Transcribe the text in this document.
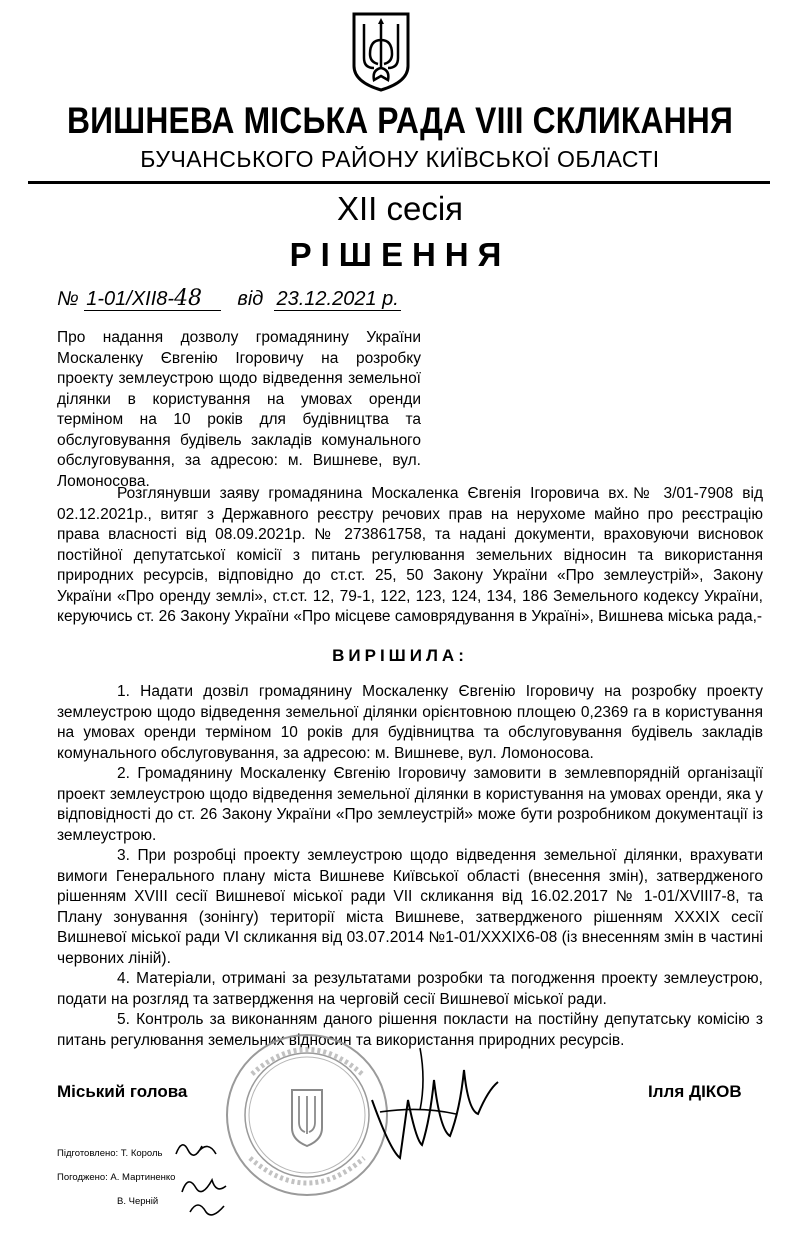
ВИШНЕВА МІСЬКА РАДА VIII СКЛИКАННЯ
БУЧАНСЬКОГО РАЙОНУ КИЇВСЬКОЇ ОБЛАСТІ
ХІІ сесія
РІШЕННЯ
№ 1-01/ХІІ8-48 від 23.12.2021 р.
Про надання дозволу громадянину України Москаленку Євгенію Ігоровичу на розробку проекту землеустрою щодо відведення земельної ділянки в користування на умовах оренди терміном на 10 років для будівництва та обслуговування будівель закладів комунального обслуговування, за адресою: м. Вишневе, вул. Ломоносова.
Розглянувши заяву громадянина Москаленка Євгенія Ігоровича вх.№ 3/01-7908 від 02.12.2021р., витяг з Державного реєстру речових прав на нерухоме майно про реєстрацію права власності від 08.09.2021р. № 273861758, та надані документи, враховуючи висновок постійної депутатської комісії з питань регулювання земельних відносин та використання природних ресурсів, відповідно до ст.ст. 25, 50 Закону України «Про землеустрій», Закону України «Про оренду землі», ст.ст. 12, 79-1, 122, 123, 124, 134, 186 Земельного кодексу України, керуючись ст. 26 Закону України «Про місцеве самоврядування в Україні», Вишнева міська рада,-
ВИРІШИЛА:

1. Надати дозвіл громадянину Москаленку Євгенію Ігоровичу на розробку проекту землеустрою щодо відведення земельної ділянки орієнтовною площею 0,2369 га в користування на умовах оренди терміном 10 років для будівництва та обслуговування будівель закладів комунального обслуговування, за адресою: м. Вишневе, вул. Ломоносова.

2. Громадянину Москаленку Євгенію Ігоровичу замовити в землевпорядній організації проект землеустрою щодо відведення земельної ділянки в користування на умовах оренди, яка у відповідності до ст. 26 Закону України «Про землеустрій» може бути розробником документації із землеустрою.

3. При розробці проекту землеустрою щодо відведення земельної ділянки, врахувати вимоги Генерального плану міста Вишневе Київської області (внесення змін), затвердженого рішенням XVIII сесії Вишневої міської ради VII скликання від 16.02.2017 № 1-01/XVIII7-8, та Плану зонування (зонінгу) території міста Вишневе, затвердженого рішенням XXXIX сесії Вишневої міської ради VI скликання від 03.07.2014 №1-01/XXXIX6-08 (із внесенням змін в частині червоних ліній).

4. Матеріали, отримані за результатами розробки та погодження проекту землеустрою, подати на розгляд та затвердження на черговій сесії Вишневої міської ради.

5. Контроль за виконанням даного рішення покласти на постійну депутатську комісію з питань регулювання земельних відносин та використання природних ресурсів.

Міський голова	Ілля ДІКОВ
Підготовлено: Т. Король
Погоджено: А. Мартиненко
В. Черній
